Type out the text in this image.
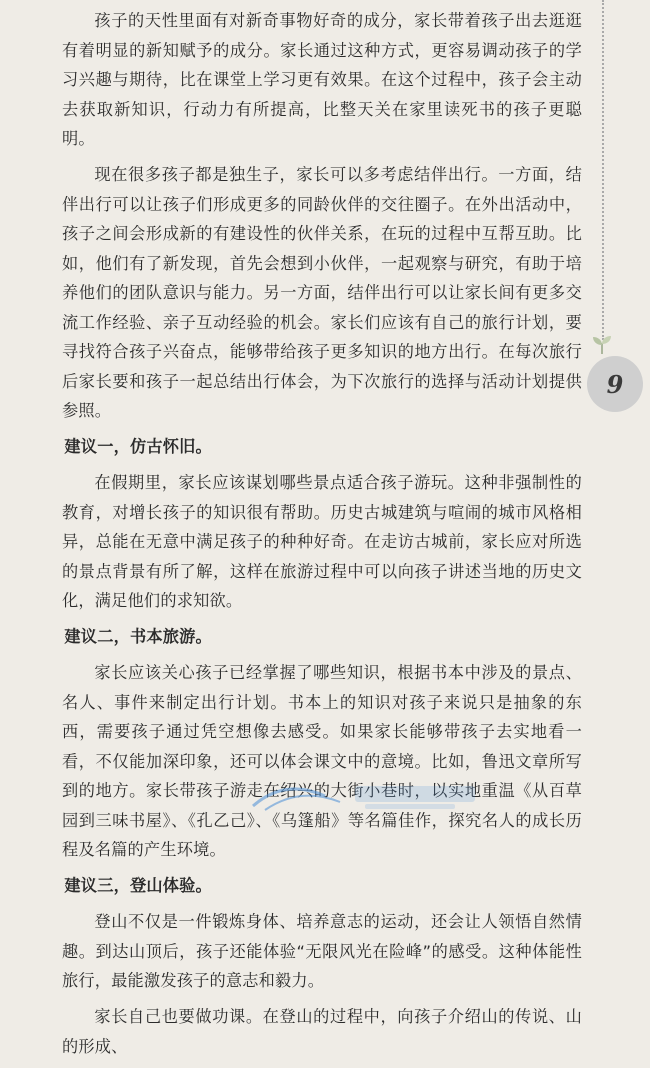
孩子的天性里面有对新奇事物好奇的成分，家长带着孩子出去逛逛有着明显的新知赋予的成分。家长通过这种方式，更容易调动孩子的学习兴趣与期待，比在课堂上学习更有效果。在这个过程中，孩子会主动去获取新知识，行动力有所提高，比整天关在家里读死书的孩子更聪明。

现在很多孩子都是独生子，家长可以多考虑结伴出行。一方面，结伴出行可以让孩子们形成更多的同龄伙伴的交往圈子。在外出活动中，孩子之间会形成新的有建设性的伙伴关系，在玩的过程中互帮互助。比如，他们有了新发现，首先会想到小伙伴，一起观察与研究，有助于培养他们的团队意识与能力。另一方面，结伴出行可以让家长间有更多交流工作经验、亲子互动经验的机会。家长们应该有自己的旅行计划，要寻找符合孩子兴奋点，能够带给孩子更多知识的地方出行。在每次旅行后家长要和孩子一起总结出行体会，为下次旅行的选择与活动计划提供参照。

建议一，仿古怀旧。

在假期里，家长应该谋划哪些景点适合孩子游玩。这种非强制性的教育，对增长孩子的知识很有帮助。历史古城建筑与喧闹的城市风格相异，总能在无意中满足孩子的种种好奇。在走访古城前，家长应对所选的景点背景有所了解，这样在旅游过程中可以向孩子讲述当地的历史文化，满足他们的求知欲。

建议二，书本旅游。

家长应该关心孩子已经掌握了哪些知识，根据书本中涉及的景点、名人、事件来制定出行计划。书本上的知识对孩子来说只是抽象的东西，需要孩子通过凭空想像去感受。如果家长能够带孩子去实地看一看，不仅能加深印象，还可以体会课文中的意境。比如，鲁迅文章所写到的地方。家长带孩子游走在绍兴的大街小巷时，以实地重温《从百草园到三味书屋》、《孔乙己》、《乌篷船》等名篇佳作，探究名人的成长历程及名篇的产生环境。

建议三，登山体验。

登山不仅是一件锻炼身体、培养意志的运动，还会让人领悟自然情趣。到达山顶后，孩子还能体验“无限风光在险峰”的感受。这种体能性旅行，最能激发孩子的意志和毅力。

家长自己也要做功课。在登山的过程中，向孩子介绍山的传说、山的形成、

9
